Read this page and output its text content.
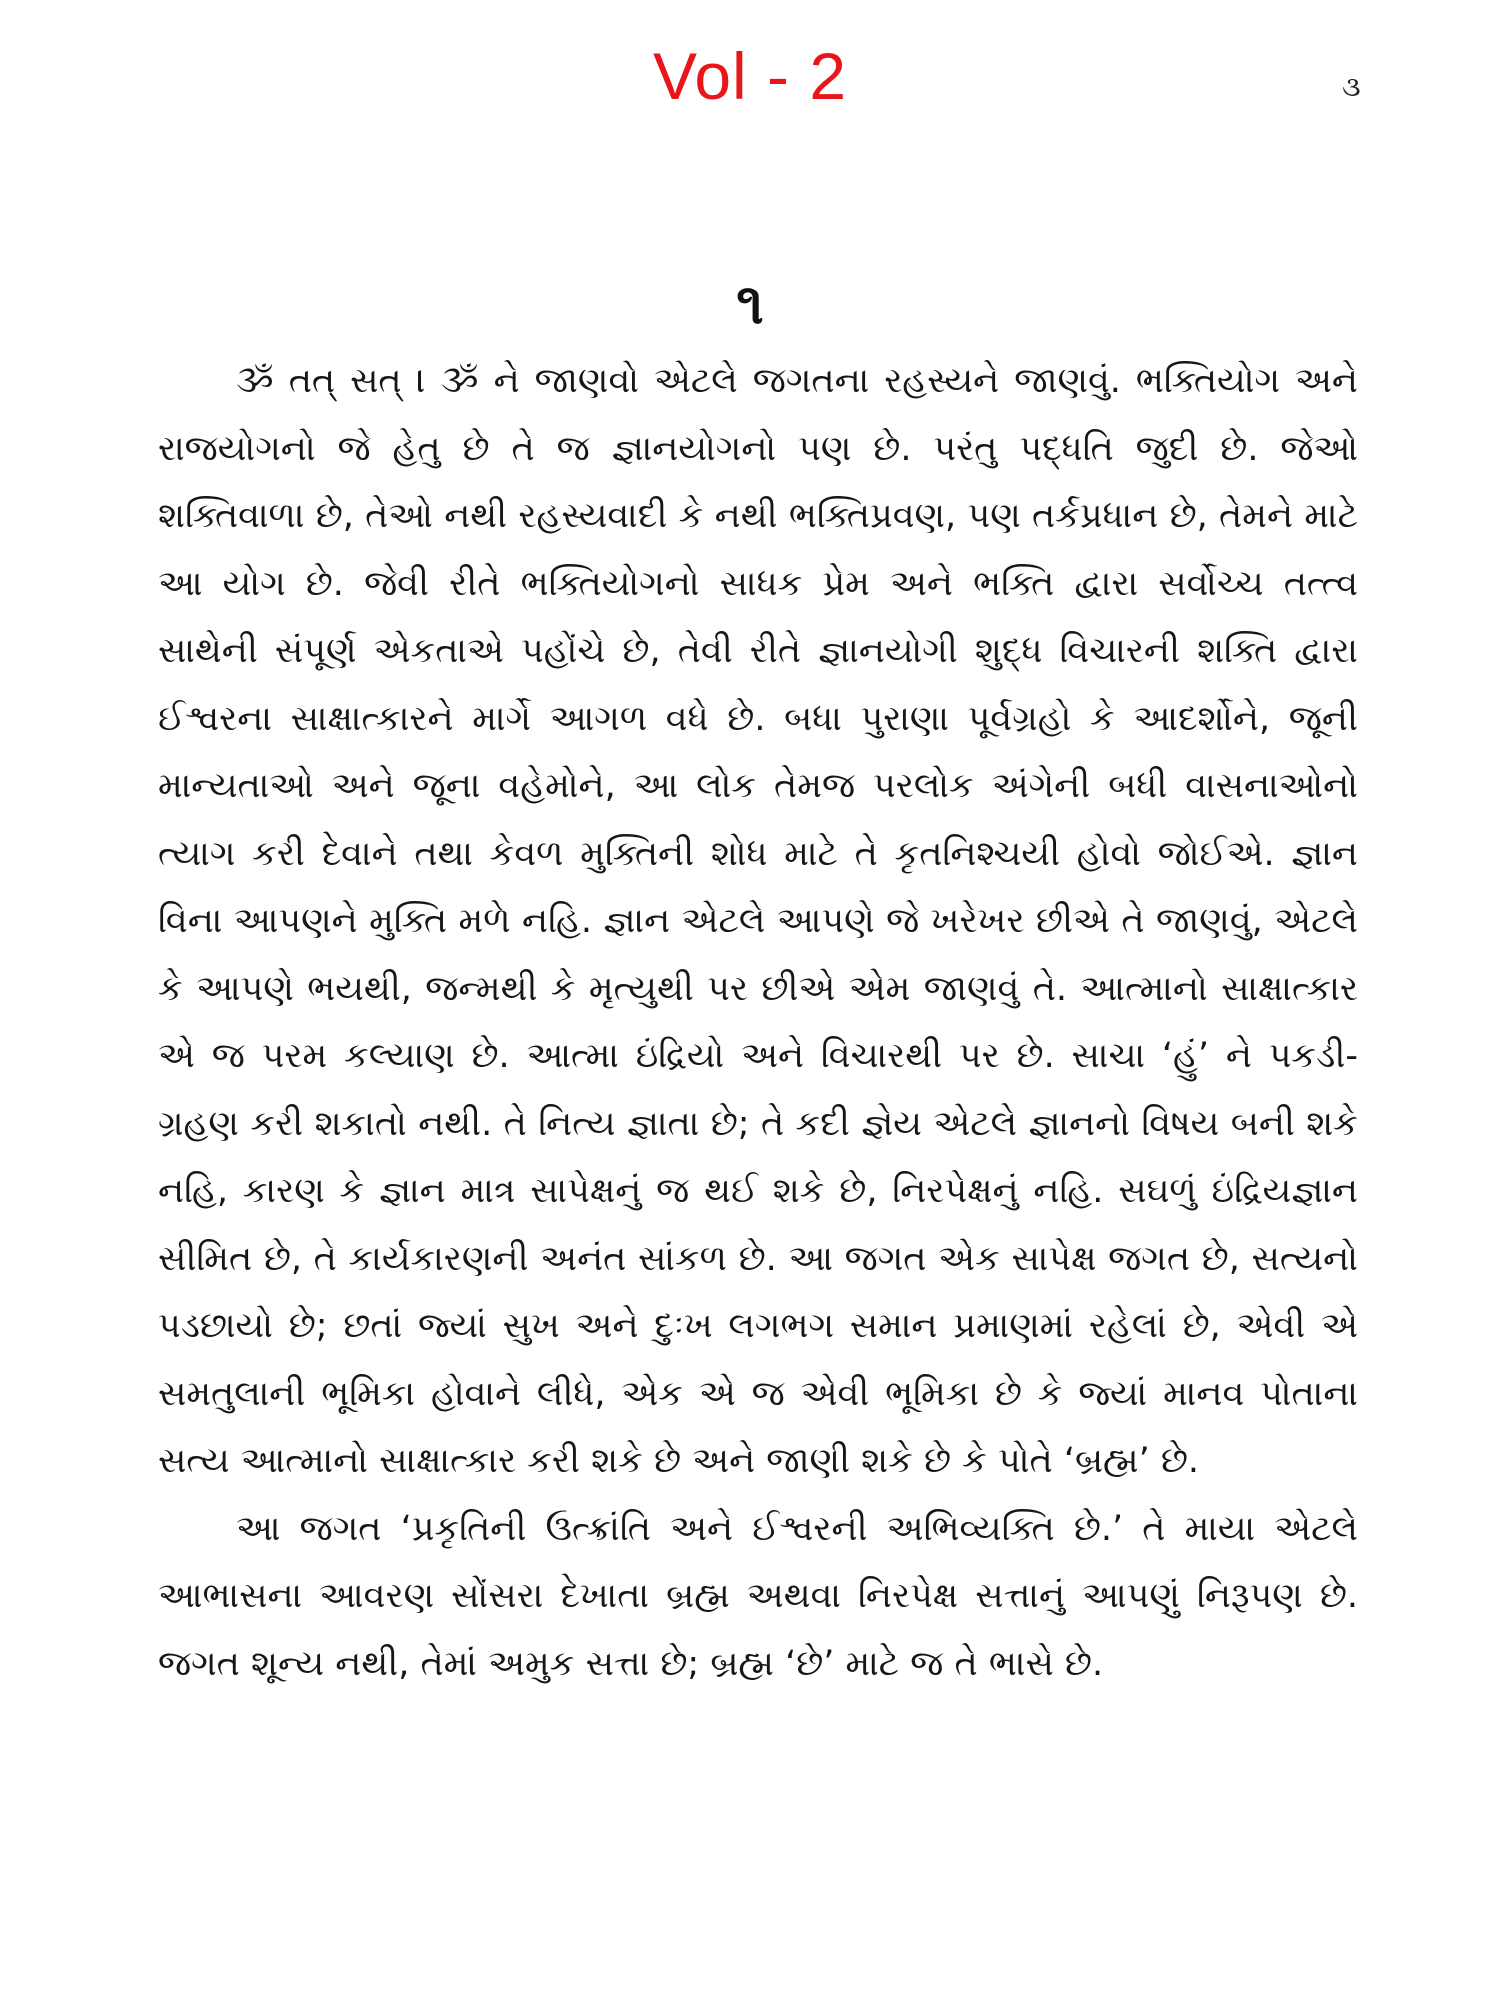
Vol - 2	૩
૧

ૐ તત્ સત્ । ૐ ને જાણવો એટલે જગતના રહસ્યને જાણવું. ભક્તિયોગ અને રાજયોગનો જે હેતુ છે તે જ જ્ઞાનયોગનો પણ છે. પરંતુ પદ્ધતિ જુદી છે. જેઓ શક્તિવાળા છે, તેઓ નથી રહસ્યવાદી કે નથી ભક્તિપ્રવણ, પણ તર્કપ્રધાન છે, તેમને માટે આ યોગ છે. જેવી રીતે ભક્તિયોગનો સાધક પ્રેમ અને ભક્તિ દ્વારા સર્વોચ્ચ તત્ત્વ સાથેની સંપૂર્ણ એકતાએ પહોંચે છે, તેવી રીતે જ્ઞાનયોગી શુદ્ધ વિચારની શક્તિ દ્વારા ઈશ્વરના સાક્ષાત્કારને માર્ગે આગળ વધે છે. બધા પુરાણા પૂર્વગ્રહો કે આદર્શોને, જૂની માન્યતાઓ અને જૂના વહેમોને, આ લોક તેમજ પરલોક અંગેની બધી વાસનાઓનો ત્યાગ કરી દેવાને તથા કેવળ મુક્તિની શોધ માટે તે કૃતનિશ્ચયી હોવો જોઈએ. જ્ઞાન વિના આપણને મુક્તિ મળે નહિ. જ્ઞાન એટલે આપણે જે ખરેખર છીએ તે જાણવું, એટલે કે આપણે ભયથી, જન્મથી કે મૃત્યુથી પર છીએ એમ જાણવું તે. આત્માનો સાક્ષાત્કાર એ જ પરમ કલ્યાણ છે. આત્મા ઇંદ્રિયો અને વિચારથી પર છે. સાચા ‘હું’ ને પકડી-ગ્રહણ કરી શકાતો નથી. તે નિત્ય જ્ઞાતા છે; તે કદી જ્ઞેય એટલે જ્ઞાનનો વિષય બની શકે નહિ, કારણ કે જ્ઞાન માત્ર સાપેક્ષનું જ થઈ શકે છે, નિરપેક્ષનું નહિ. સઘળું ઇંદ્રિયજ્ઞાન સીમિત છે, તે કાર્યકારણની અનંત સાંકળ છે. આ જગત એક સાપેક્ષ જગત છે, સત્યનો પડછાયો છે; છતાં જ્યાં સુખ અને દુઃખ લગભગ સમાન પ્રમાણમાં રહેલાં છે, એવી એ સમતુલાની ભૂમિકા હોવાને લીધે, એક એ જ એવી ભૂમિકા છે કે જ્યાં માનવ પોતાના સત્ય આત્માનો સાક્ષાત્કાર કરી શકે છે અને જાણી શકે છે કે પોતે ‘બ્રહ્મ’ છે.

આ જગત ‘પ્રકૃતિની ઉત્ક્રાંતિ અને ઈશ્વરની અભિવ્યક્તિ છે.’ તે માયા એટલે આભાસના આવરણ સોંસરા દેખાતા બ્રહ્મ અથવા નિરપેક્ષ સત્તાનું આપણું નિરૂપણ છે. જગત શૂન્ય નથી, તેમાં અમુક સત્તા છે; બ્રહ્મ ‘છે’ માટે જ તે ભાસે છે.
